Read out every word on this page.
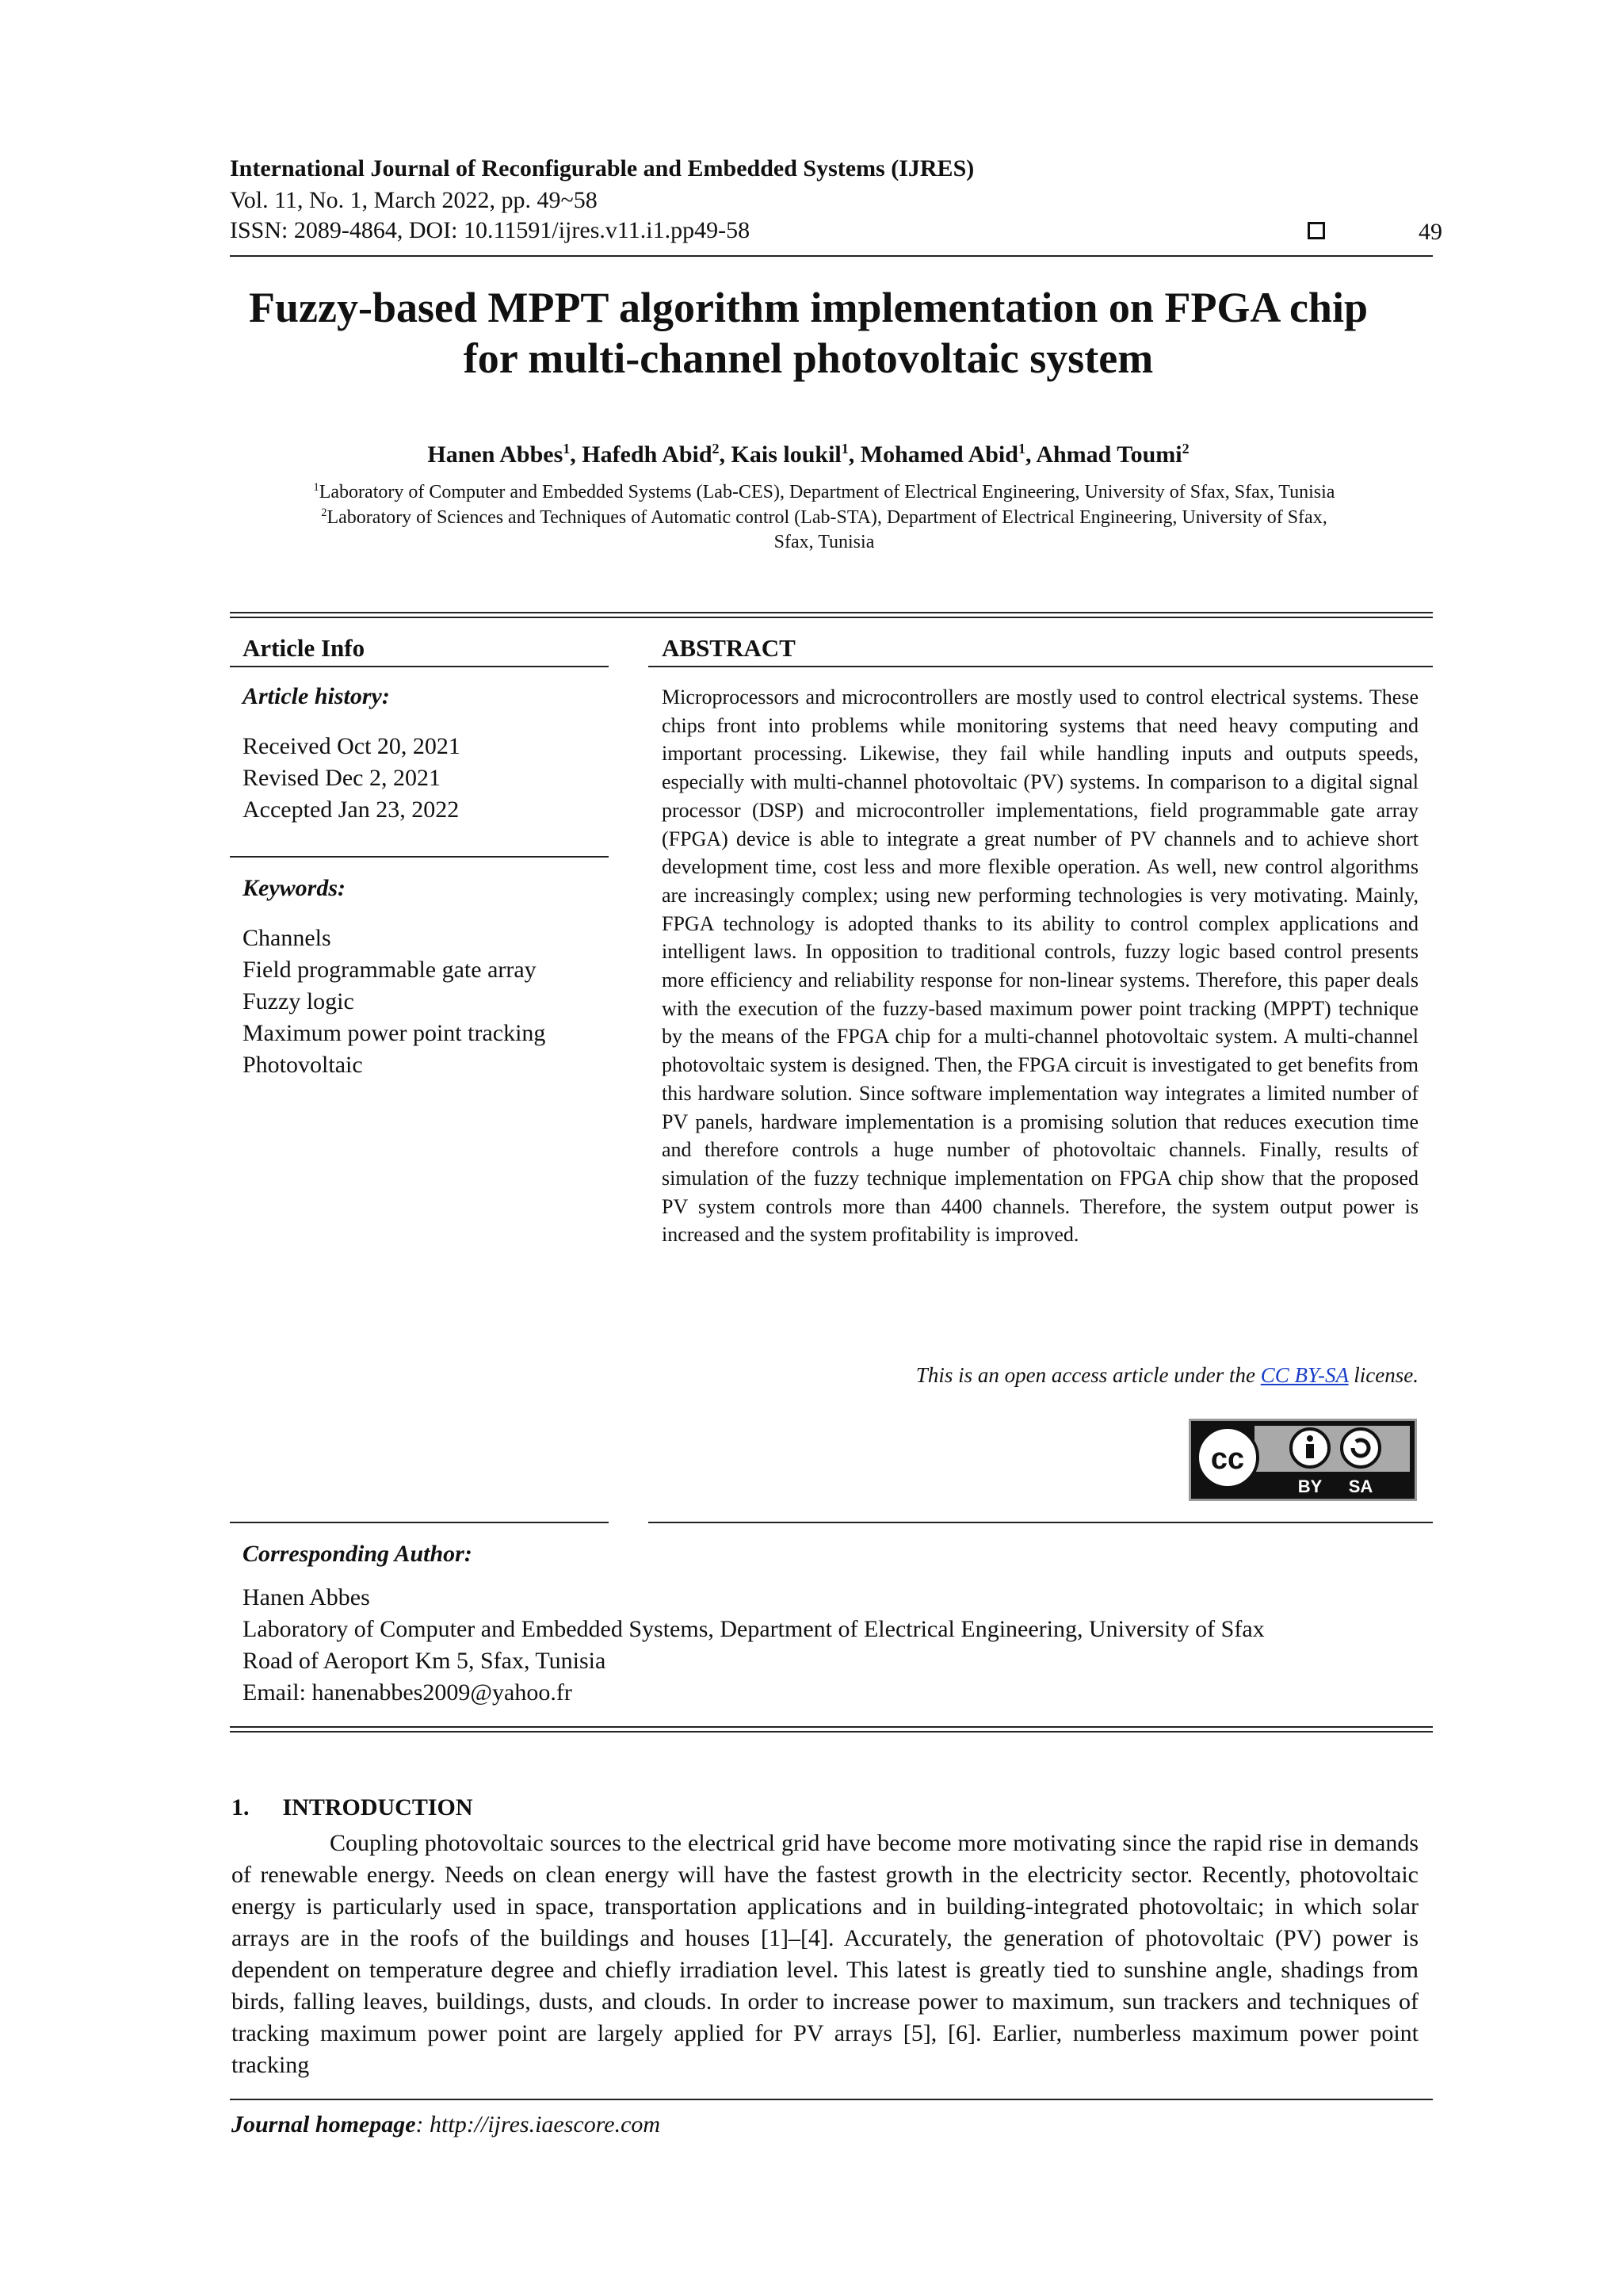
International Journal of Reconfigurable and Embedded Systems (IJRES)
Vol. 11, No. 1, March 2022, pp. 49~58
ISSN: 2089-4864, DOI: 10.11591/ijres.v11.i1.pp49-58	49
Fuzzy-based MPPT algorithm implementation on FPGA chip
for multi-channel photovoltaic system
Hanen Abbes$^1$, Hafedh Abid$^2$, Kais loukil$^1$, Mohamed Abid$^1$, Ahmad Toumi$^2$
$^1$Laboratory of Computer and Embedded Systems (Lab-CES), Department of Electrical Engineering, University of Sfax, Sfax, Tunisia
$^2$Laboratory of Sciences and Techniques of Automatic control (Lab-STA), Department of Electrical Engineering, University of Sfax,
Sfax, Tunisia
Article Info
Article history:
Received Oct 20, 2021
Revised Dec 2, 2021
Accepted Jan 23, 2022
Keywords:
Channels
Field programmable gate array
Fuzzy logic
Maximum power point tracking
Photovoltaic
ABSTRACT
Microprocessors and microcontrollers are mostly used to control electrical systems. These chips front into problems while monitoring systems that need heavy computing and important processing. Likewise, they fail while handling inputs and outputs speeds, especially with multi-channel photovoltaic (PV) systems. In comparison to a digital signal processor (DSP) and microcontroller implementations, field programmable gate array (FPGA) device is able to integrate a great number of PV channels and to achieve short development time, cost less and more flexible operation. As well, new control algorithms are increasingly complex; using new performing technologies is very motivating. Mainly, FPGA technology is adopted thanks to its ability to control complex applications and intelligent laws. In opposition to traditional controls, fuzzy logic based control presents more efficiency and reliability response for non-linear systems. Therefore, this paper deals with the execution of the fuzzy-based maximum power point tracking (MPPT) technique by the means of the FPGA chip for a multi-channel photovoltaic system. A multi-channel photovoltaic system is designed. Then, the FPGA circuit is investigated to get benefits from this hardware solution. Since software implementation way integrates a limited number of PV panels, hardware implementation is a promising solution that reduces execution time and therefore controls a huge number of photovoltaic channels. Finally, results of simulation of the fuzzy technique implementation on FPGA chip show that the proposed PV system controls more than 4400 channels. Therefore, the system output power is increased and the system profitability is improved.
This is an open access article under the CC BY-SA license.
cc
BY SA
Corresponding Author:
Hanen Abbes
Laboratory of Computer and Embedded Systems, Department of Electrical Engineering, University of Sfax
Road of Aeroport Km 5, Sfax, Tunisia
Email: hanenabbes2009@yahoo.fr
1. INTRODUCTION
Coupling photovoltaic sources to the electrical grid have become more motivating since the rapid rise in demands of renewable energy. Needs on clean energy will have the fastest growth in the electricity sector. Recently, photovoltaic energy is particularly used in space, transportation applications and in building-integrated photovoltaic; in which solar arrays are in the roofs of the buildings and houses [1]–[4]. Accurately, the generation of photovoltaic (PV) power is dependent on temperature degree and chiefly irradiation level. This latest is greatly tied to sunshine angle, shadings from birds, falling leaves, buildings, dusts, and clouds. In order to increase power to maximum, sun trackers and techniques of tracking maximum power point are largely applied for PV arrays [5], [6]. Earlier, numberless maximum power point tracking
Journal homepage: http://ijres.iaescore.com
